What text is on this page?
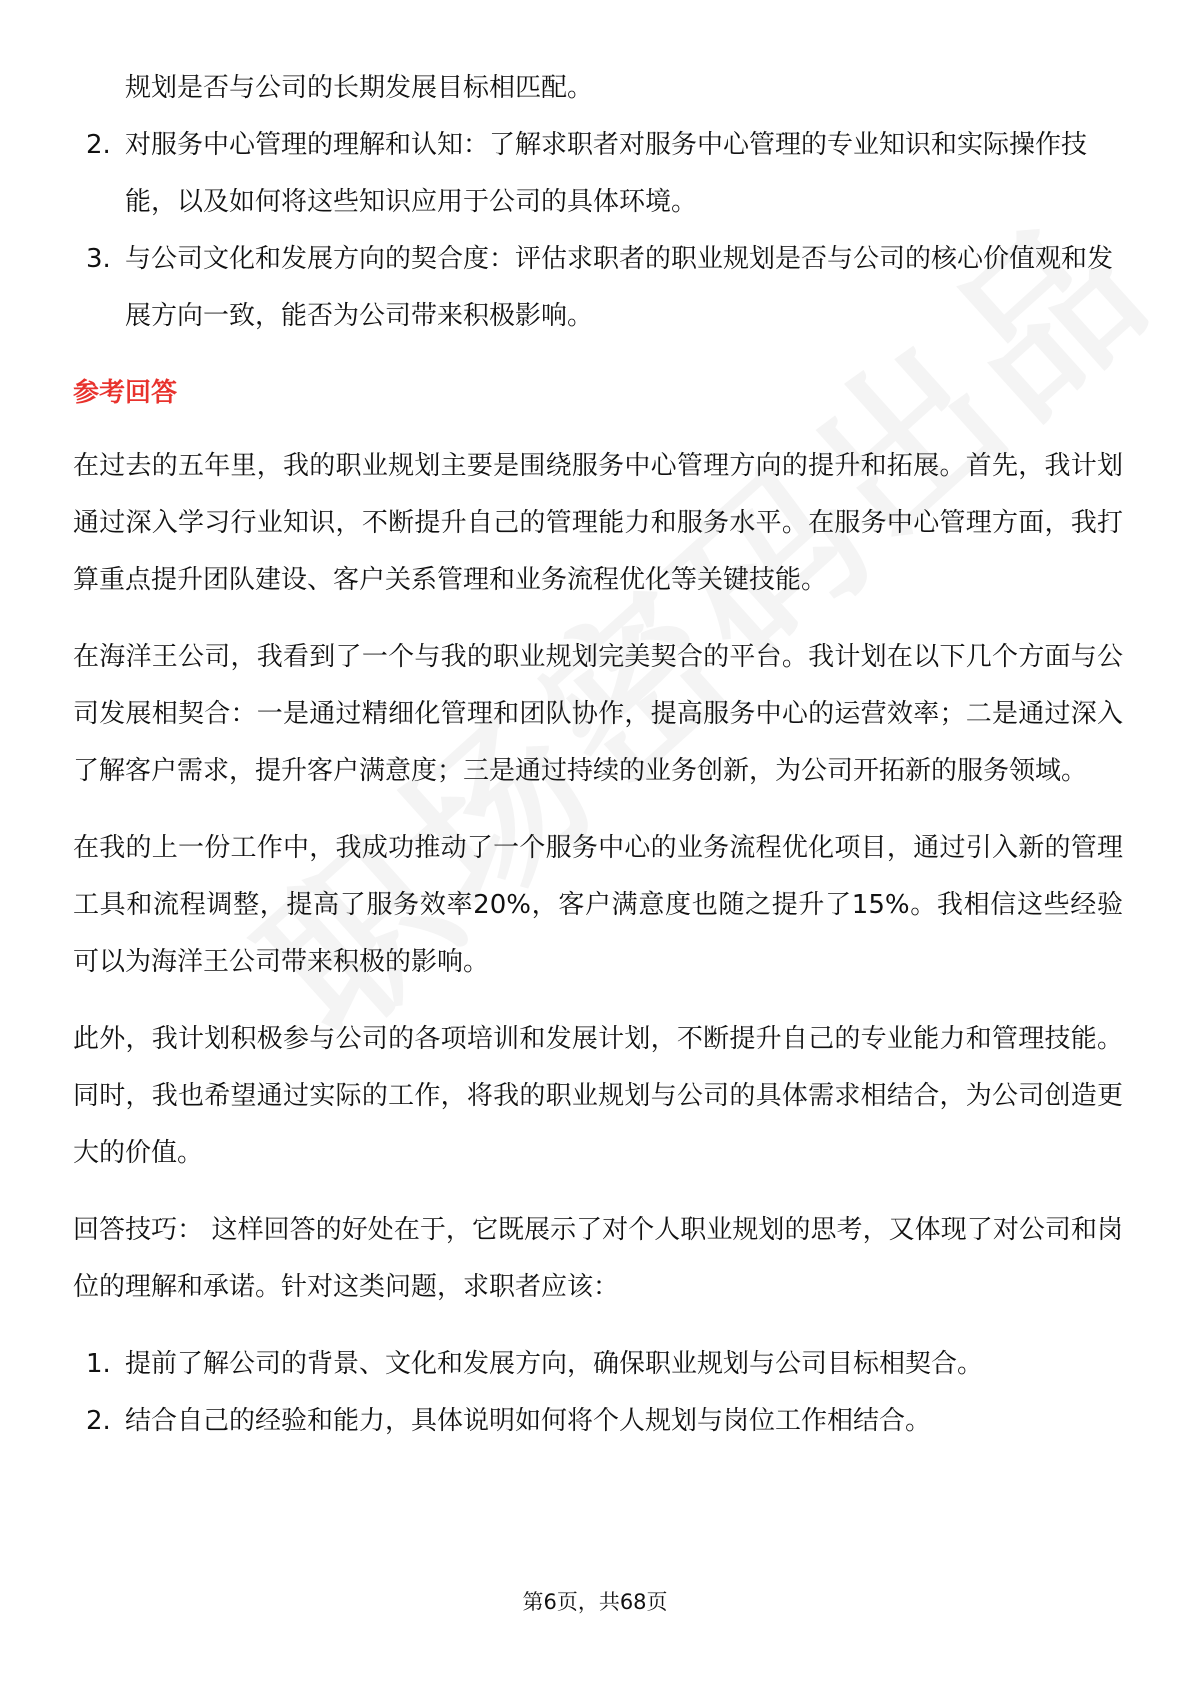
规划是否与公司的长期发展目标相匹配。
2. 对服务中心管理的理解和认知：了解求职者对服务中心管理的专业知识和实际操作技能，以及如何将这些知识应用于公司的具体环境。
3. 与公司文化和发展方向的契合度：评估求职者的职业规划是否与公司的核心价值观和发展方向一致，能否为公司带来积极影响。
参考回答

在过去的五年里，我的职业规划主要是围绕服务中心管理方向的提升和拓展。首先，我计划通过深入学习行业知识，不断提升自己的管理能力和服务水平。在服务中心管理方面，我打算重点提升团队建设、客户关系管理和业务流程优化等关键技能。

在海洋王公司，我看到了一个与我的职业规划完美契合的平台。我计划在以下几个方面与公司发展相契合：一是通过精细化管理和团队协作，提高服务中心的运营效率；二是通过深入了解客户需求，提升客户满意度；三是通过持续的业务创新，为公司开拓新的服务领域。

在我的上一份工作中，我成功推动了一个服务中心的业务流程优化项目，通过引入新的管理工具和流程调整，提高了服务效率20%，客户满意度也随之提升了15%。我相信这些经验可以为海洋王公司带来积极的影响。

此外，我计划积极参与公司的各项培训和发展计划，不断提升自己的专业能力和管理技能。同时，我也希望通过实际的工作，将我的职业规划与公司的具体需求相结合，为公司创造更大的价值。

回答技巧： 这样回答的好处在于，它既展示了对个人职业规划的思考，又体现了对公司和岗位的理解和承诺。针对这类问题，求职者应该：

1. 提前了解公司的背景、文化和发展方向，确保职业规划与公司目标相契合。
2. 结合自己的经验和能力，具体说明如何将个人规划与岗位工作相结合。
第6页，共68页
